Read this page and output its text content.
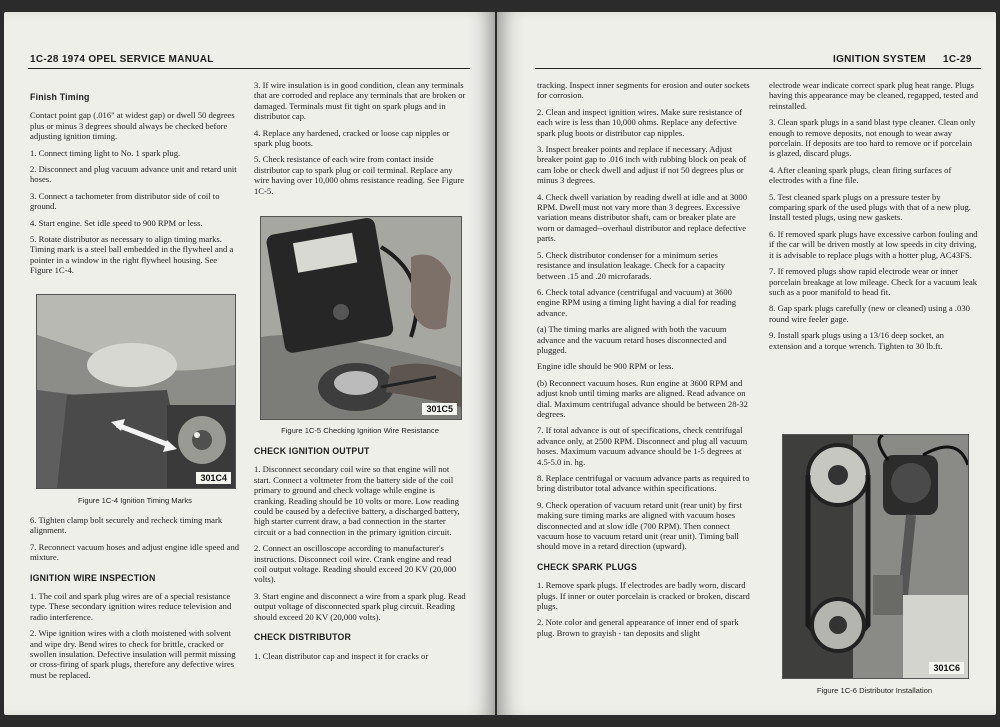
1C-28 1974 OPEL SERVICE MANUAL
Finish Timing

Contact point gap (.016" at widest gap) or dwell 50 degrees plus or minus 3 degrees should always be checked before adjusting ignition timing.

1. Connect timing light to No. 1 spark plug.

2. Disconnect and plug vacuum advance unit and retard unit hoses.

3. Connect a tachometer from distributor side of coil to ground.

4. Start engine. Set idle speed to 900 RPM or less.

5. Rotate distributor as necessary to align timing marks. Timing mark is a steel ball embedded in the flywheel and a pointer in a window in the right flywheel housing. See Figure 1C-4.

301C4
Figure 1C-4 Ignition Timing Marks

6. Tighten clamp bolt securely and recheck timing mark alignment.

7. Reconnect vacuum hoses and adjust engine idle speed and mixture.

IGNITION WIRE INSPECTION

1. The coil and spark plug wires are of a special resistance type. These secondary ignition wires reduce television and radio interference.

2. Wipe ignition wires with a cloth moistened with solvent and wipe dry. Bend wires to check for brittle, cracked or swollen insulation. Defective insulation will permit missing or cross-firing of spark plugs, therefore any defective wires must be replaced.

3. If wire insulation is in good condition, clean any terminals that are corroded and replace any terminals that are broken or damaged. Terminals must fit tight on spark plugs and in distributor cap.

4. Replace any hardened, cracked or loose cap nipples or spark plug boots.

5. Check resistance of each wire from contact inside distributor cap to spark plug or coil terminal. Replace any wire having over 10,000 ohms resistance reading. See Figure 1C-5.

301C5
Figure 1C-5 Checking Ignition Wire Resistance
CHECK IGNITION OUTPUT

1. Disconnect secondary coil wire so that engine will not start. Connect a voltmeter from the battery side of the coil primary to ground and check voltage while engine is cranking. Reading should be 10 volts or more. Low reading could be caused by a defective battery, a discharged battery, high starter current draw, a bad connection in the starter circuit or a bad connection in the primary ignition circuit.

2. Connect an oscilloscope according to manufacturer's instructions. Disconnect coil wire. Crank engine and read coil output voltage. Reading should exceed 20 KV (20,000 volts).

3. Start engine and disconnect a wire from a spark plug. Read output voltage of disconnected spark plug circuit. Reading should exceed 20 KV (20,000 volts).

CHECK DISTRIBUTOR

1. Clean distributor cap and inspect it for cracks or

IGNITION SYSTEM 1C-29

tracking. Inspect inner segments for erosion and outer sockets for corrosion.

2. Clean and inspect ignition wires. Make sure resistance of each wire is less than 10,000 ohms. Replace any defective spark plug boots or distributor cap nipples.

3. Inspect breaker points and replace if necessary. Adjust breaker point gap to .016 inch with rubbing block on peak of cam lobe or check dwell and adjust if not 50 degrees plus or minus 3 degrees.

4. Check dwell variation by reading dwell at idle and at 3000 RPM. Dwell must not vary more than 3 degrees. Excessive variation means distributor shaft, cam or breaker plate are worn or damaged--overhaul distributor and replace defective parts.

5. Check distributor condenser for a minimum series resistance and insulation leakage. Check for a capacity between .15 and .20 microfarads.

6. Check total advance (centrifugal and vacuum) at 3600 engine RPM using a timing light having a dial for reading advance.

(a) The timing marks are aligned with both the vacuum advance and the vacuum retard hoses disconnected and plugged.

Engine idle should be 900 RPM or less.

(b) Reconnect vacuum hoses. Run engine at 3600 RPM and adjust knob until timing marks are aligned. Read advance on dial. Maximum centrifugal advance should be between 28-32 degrees.

7. If total advance is out of specifications, check centrifugal advance only, at 2500 RPM. Disconnect and plug all vacuum hoses. Maximum vacuum advance should be 1-5 degrees at 4.5-5.0 in. hg.

8. Replace centrifugal or vacuum advance parts as required to bring distributor total advance within specifications.

9. Check operation of vacuum retard unit (rear unit) by first making sure timing marks are aligned with vacuum hoses disconnected and at slow idle (700 RPM). Then connect vacuum hose to vacuum retard unit (rear unit). Timing ball should move in a retard direction (upward).

CHECK SPARK PLUGS

1. Remove spark plugs. If electrodes are badly worn, discard plugs. If inner or outer porcelain is cracked or broken, discard plugs.

2. Note color and general appearance of inner end of spark plug. Brown to grayish - tan deposits and slight

electrode wear indicate correct spark plug heat range. Plugs having this appearance may be cleaned, regapped, tested and reinstalled.

3. Clean spark plugs in a sand blast type cleaner. Clean only enough to remove deposits, not enough to wear away porcelain. If deposits are too hard to remove or if porcelain is glazed, discard plugs.

4. After cleaning spark plugs, clean firing surfaces of electrodes with a fine file.

5. Test cleaned spark plugs on a pressure tester by comparing spark of the used plugs with that of a new plug. Install tested plugs, using new gaskets.

6. If removed spark plugs have excessive carbon fouling and if the car will be driven mostly at low speeds in city driving, it is advisable to replace plugs with a hotter plug, AC43FS.

7. If removed plugs show rapid electrode wear or inner porcelain breakage at low mileage. Check for a vacuum leak such as a poor manifold to head fit.

8. Gap spark plugs carefully (new or cleaned) using a .030 round wire feeler gage.

9. Install spark plugs using a 13/16 deep socket, an extension and a torque wrench. Tighten to 30 lb.ft.

301C6
Figure 1C-6 Distributor Installation
